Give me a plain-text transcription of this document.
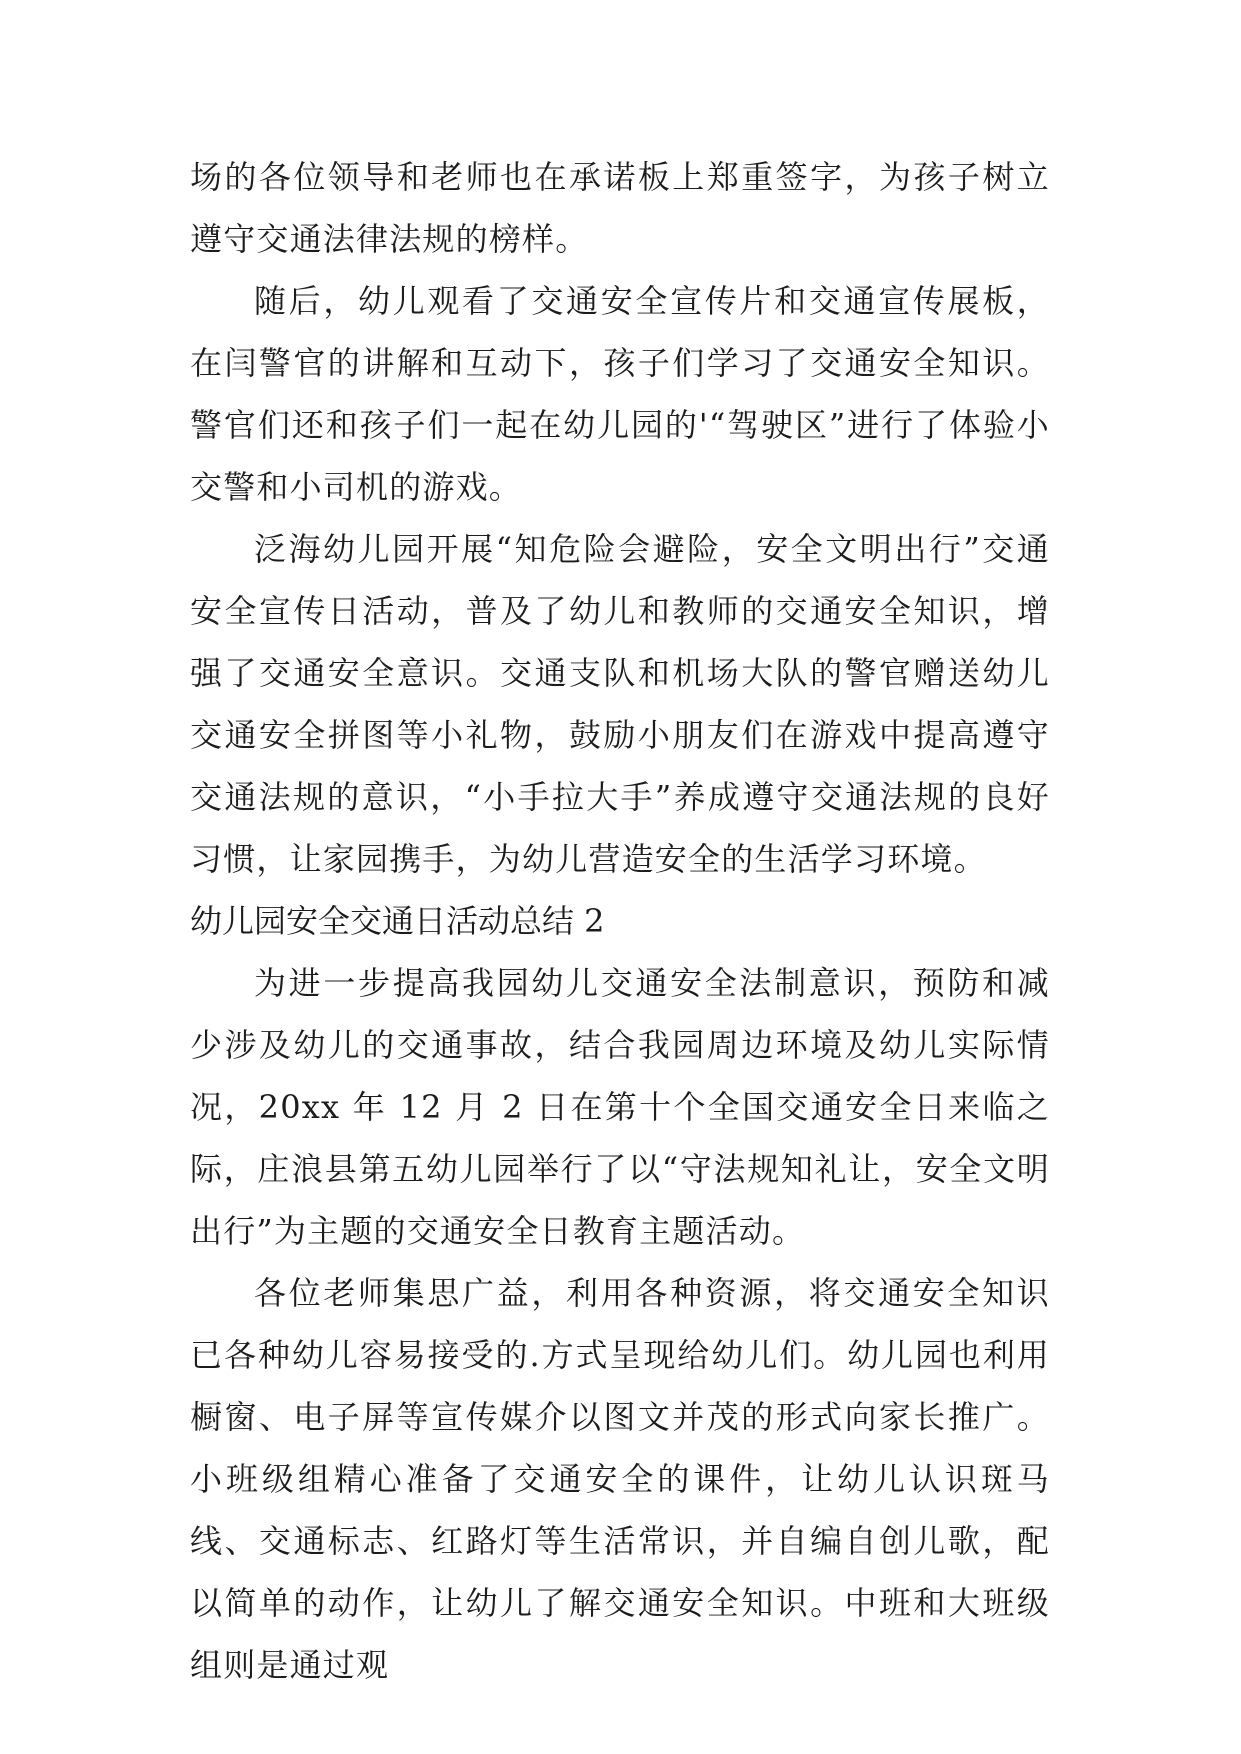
场的各位领导和老师也在承诺板上郑重签字，为孩子树立遵守交通法律法规的榜样。

随后，幼儿观看了交通安全宣传片和交通宣传展板，在闫警官的讲解和互动下，孩子们学习了交通安全知识。警官们还和孩子们一起在幼儿园的'“驾驶区”进行了体验小交警和小司机的游戏。

泛海幼儿园开展“知危险会避险，安全文明出行”交通安全宣传日活动，普及了幼儿和教师的交通安全知识，增强了交通安全意识。交通支队和机场大队的警官赠送幼儿交通安全拼图等小礼物，鼓励小朋友们在游戏中提高遵守交通法规的意识，“小手拉大手”养成遵守交通法规的良好习惯，让家园携手，为幼儿营造安全的生活学习环境。

幼儿园安全交通日活动总结 2

为进一步提高我园幼儿交通安全法制意识，预防和减少涉及幼儿的交通事故，结合我园周边环境及幼儿实际情况，20xx 年 12 月 2 日在第十个全国交通安全日来临之际，庄浪县第五幼儿园举行了以“守法规知礼让，安全文明出行”为主题的交通安全日教育主题活动。

各位老师集思广益，利用各种资源，将交通安全知识已各种幼儿容易接受的.方式呈现给幼儿们。幼儿园也利用橱窗、电子屏等宣传媒介以图文并茂的形式向家长推广。小班级组精心准备了交通安全的课件，让幼儿认识斑马线、交通标志、红路灯等生活常识，并自编自创儿歌，配以简单的动作，让幼儿了解交通安全知识。中班和大班级组则是通过观
